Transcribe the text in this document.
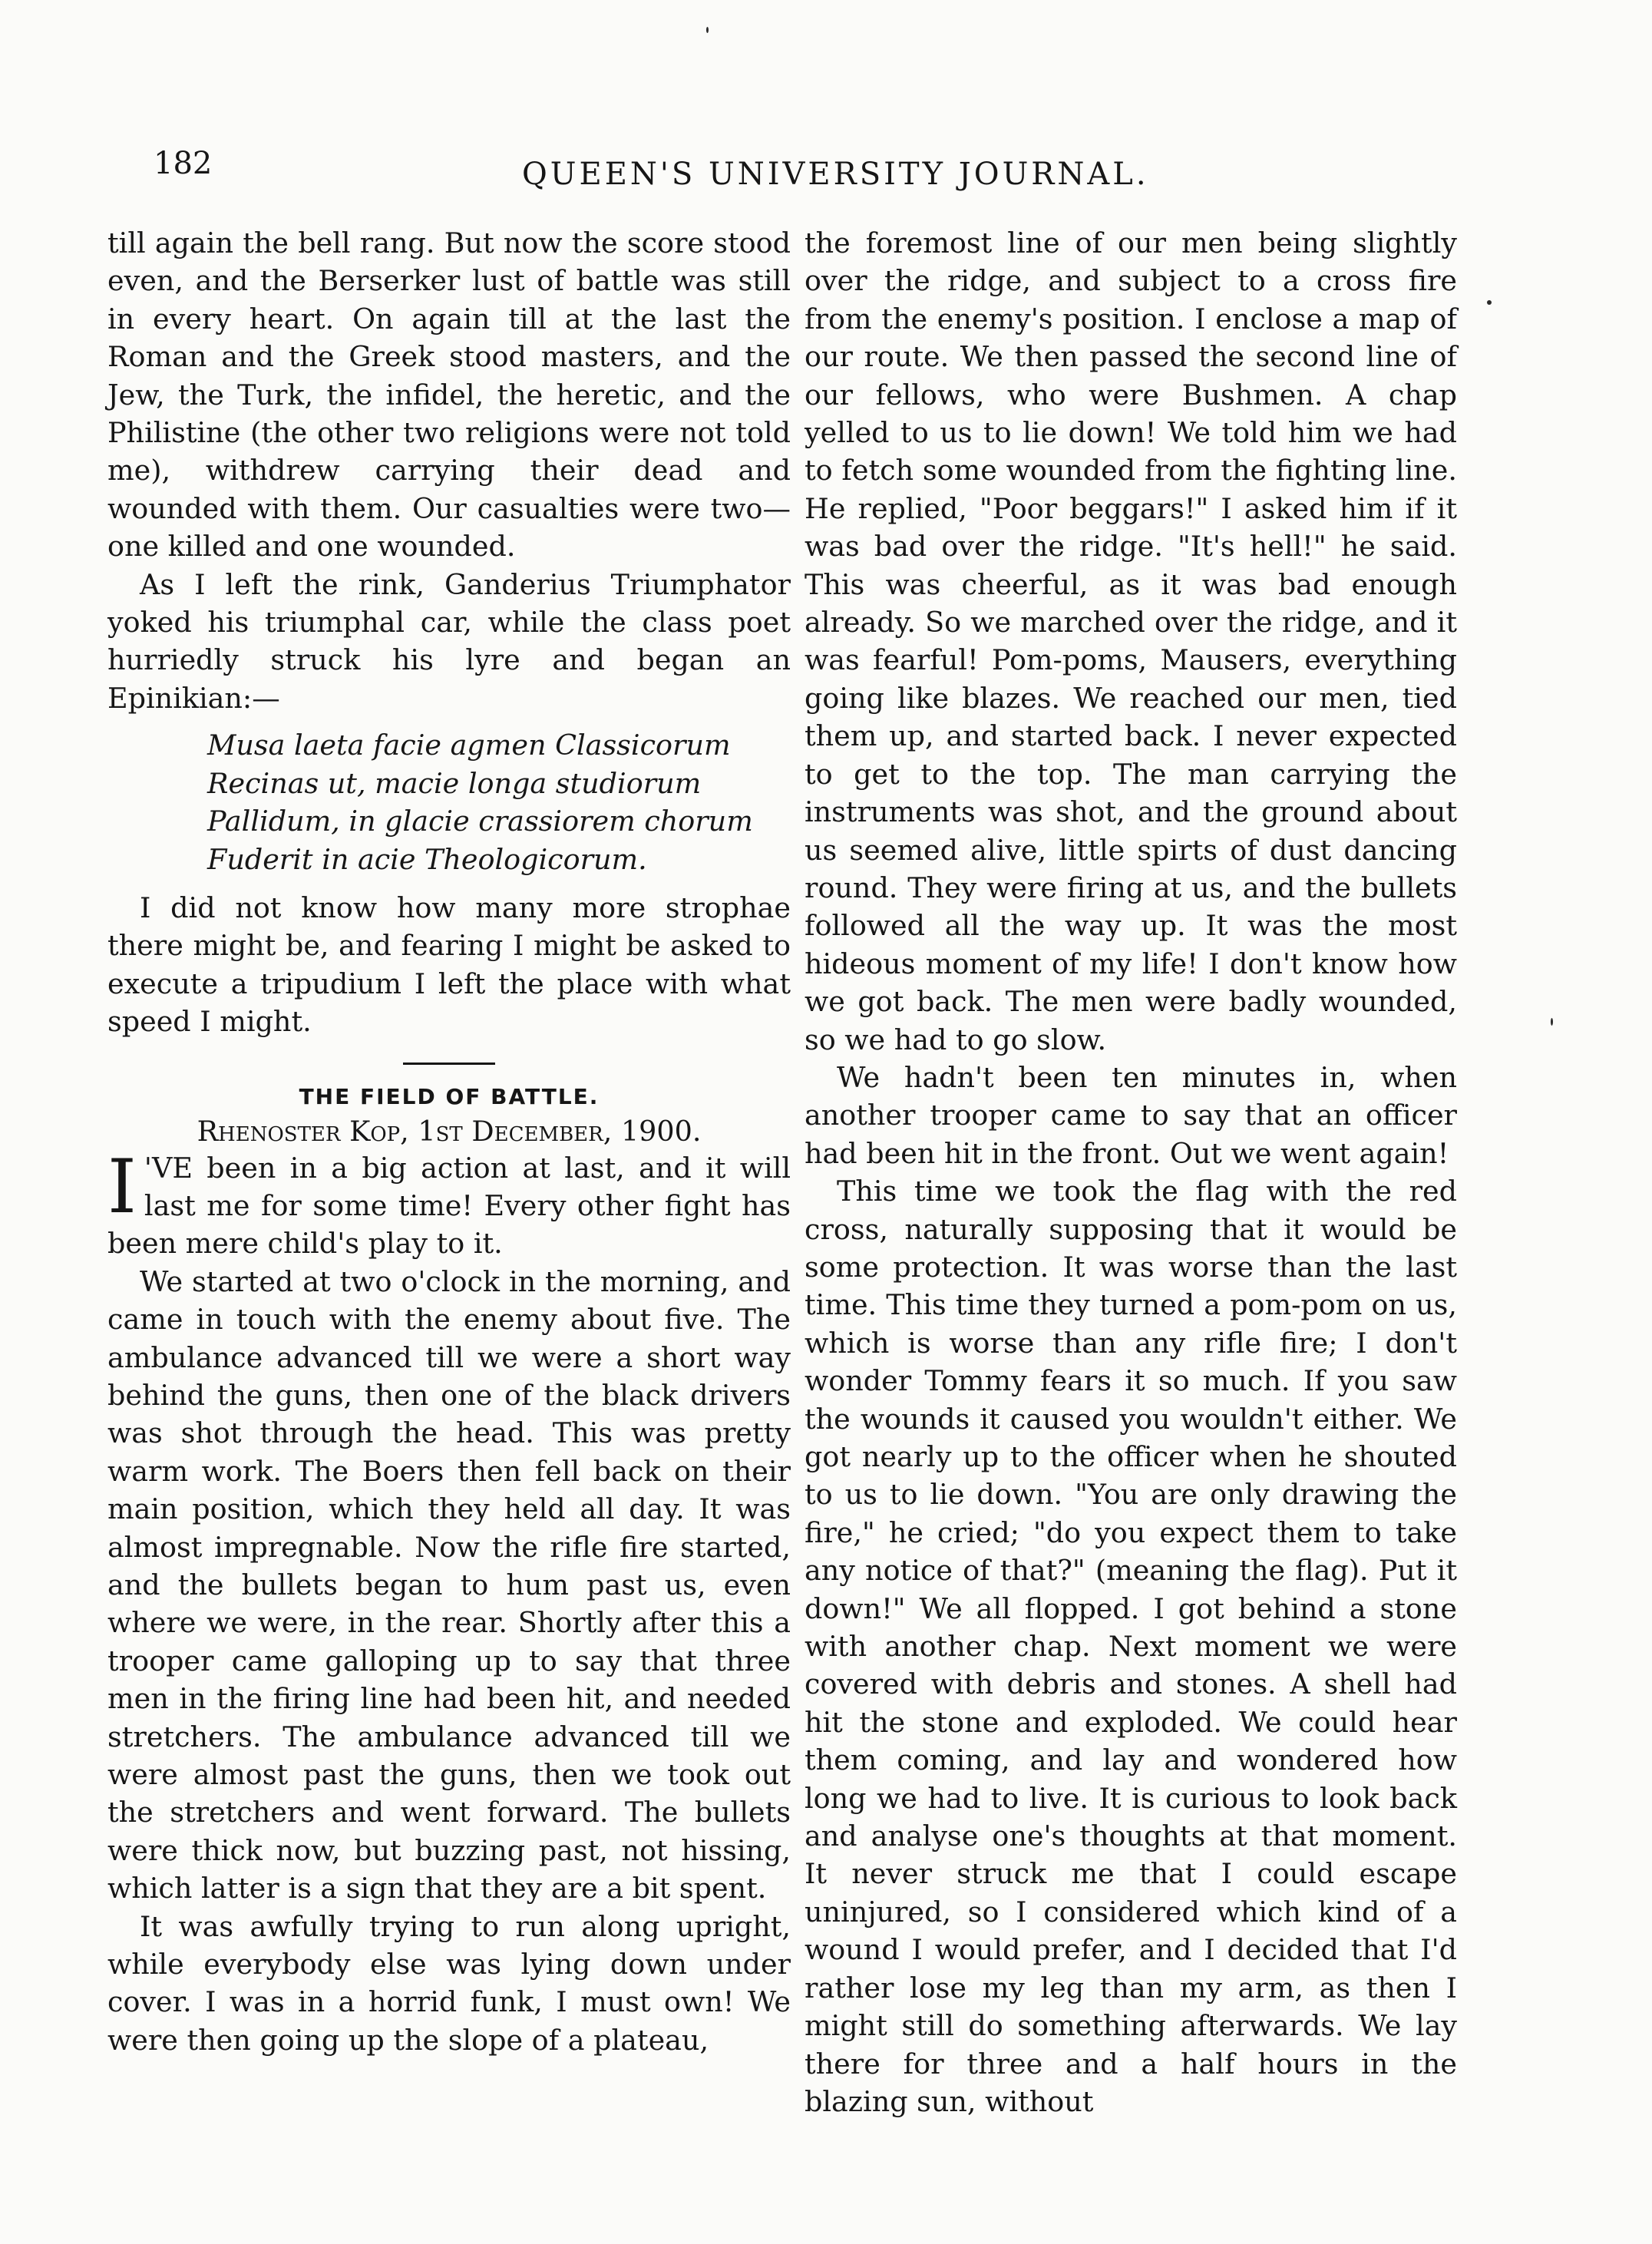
182	QUEEN'S UNIVERSITY JOURNAL.

till again the bell rang. But now the score stood even, and the Berserker lust of battle was still in every heart. On again till at the last the Roman and the Greek stood masters, and the Jew, the Turk, the infidel, the heretic, and the Philistine (the other two religions were not told me), withdrew carrying their dead and wounded with them. Our casualties were two—one killed and one wounded.

As I left the rink, Ganderius Triumphator yoked his triumphal car, while the class poet hurriedly struck his lyre and began an Epinikian:—

Musa laeta facie agmen Classicorum
Recinas ut, macie longa studiorum
Pallidum, in glacie crassiorem chorum
Fuderit in acie Theologicorum.

I did not know how many more strophae there might be, and fearing I might be asked to execute a tripudium I left the place with what speed I might.

THE FIELD OF BATTLE.
Rhenoster Kop, 1st December, 1900.

I 'VE been in a big action at last, and it will last me for some time! Every other fight has been mere child's play to it.

We started at two o'clock in the morning, and came in touch with the enemy about five. The ambulance advanced till we were a short way behind the guns, then one of the black drivers was shot through the head. This was pretty warm work. The Boers then fell back on their main position, which they held all day. It was almost impregnable. Now the rifle fire started, and the bullets began to hum past us, even where we were, in the rear. Shortly after this a trooper came galloping up to say that three men in the firing line had been hit, and needed stretchers. The ambulance advanced till we were almost past the guns, then we took out the stretchers and went forward. The bullets were thick now, but buzzing past, not hissing, which latter is a sign that they are a bit spent.

It was awfully trying to run along upright, while everybody else was lying down under cover. I was in a horrid funk, I must own! We were then going up the slope of a plateau,

the foremost line of our men being slightly over the ridge, and subject to a cross fire from the enemy's position. I enclose a map of our route. We then passed the second line of our fellows, who were Bushmen. A chap yelled to us to lie down! We told him we had to fetch some wounded from the fighting line. He replied, "Poor beggars!" I asked him if it was bad over the ridge. "It's hell!" he said. This was cheerful, as it was bad enough already. So we marched over the ridge, and it was fearful! Pom-poms, Mausers, everything going like blazes. We reached our men, tied them up, and started back. I never expected to get to the top. The man carrying the instruments was shot, and the ground about us seemed alive, little spirts of dust dancing round. They were firing at us, and the bullets followed all the way up. It was the most hideous moment of my life! I don't know how we got back. The men were badly wounded, so we had to go slow.

We hadn't been ten minutes in, when another trooper came to say that an officer had been hit in the front. Out we went again!

This time we took the flag with the red cross, naturally supposing that it would be some protection. It was worse than the last time. This time they turned a pom-pom on us, which is worse than any rifle fire; I don't wonder Tommy fears it so much. If you saw the wounds it caused you wouldn't either. We got nearly up to the officer when he shouted to us to lie down. "You are only drawing the fire," he cried; "do you expect them to take any notice of that?" (meaning the flag). Put it down!" We all flopped. I got behind a stone with another chap. Next moment we were covered with debris and stones. A shell had hit the stone and exploded. We could hear them coming, and lay and wondered how long we had to live. It is curious to look back and analyse one's thoughts at that moment. It never struck me that I could escape uninjured, so I considered which kind of a wound I would prefer, and I decided that I'd rather lose my leg than my arm, as then I might still do something afterwards. We lay there for three and a half hours in the blazing sun, without
